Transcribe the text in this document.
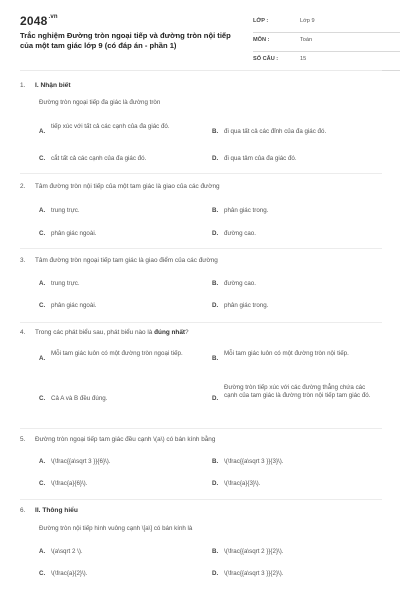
$2048^{.vn}$
Trắc nghiệm Đường tròn ngoại tiếp và đường tròn nội tiếp của một tam giác lớp 9 (có đáp án - phần 1)
LỚP :	Lớp 9
MÔN :	Toán
SỐ CÂU :	15
1. I. Nhận biết
Đường tròn ngoại tiếp đa giác là đường tròn
A.
tiếp xúc với tất cả các cạnh của đa giác đó.
B. đi qua tất cả các đỉnh của đa giác đó.
C. cắt tất cả các cạnh của đa giác đó.	D. đi qua tâm của đa giác đó.
2. Tâm đường tròn nội tiếp của một tam giác là giao của các đường
A. trung trực.	B. phân giác trong.
C. phân giác ngoài.	D. đường cao.
3. Tâm đường tròn ngoại tiếp tam giác là giao điểm của các đường
A. trung trực.	B. đường cao.
C. phân giác ngoài.	D. phân giác trong.
4. Trong các phát biểu sau, phát biểu nào là đúng nhất?
A.
Mỗi tam giác luôn có một đường tròn ngoại tiếp.
B.
Mỗi tam giác luôn có một đường tròn nội tiếp.
C. Cả A và B đều đúng.	D.
Đường tròn tiếp xúc với các đường thẳng chứa các cạnh của tam giác là đường tròn nội tiếp tam giác đó.
5. Đường tròn ngoại tiếp tam giác đều cạnh \(a\) có bán kính bằng
A. \(\frac{{a\sqrt 3 }}{6}\).	B. \(\frac{{a\sqrt 3 }}{3}\).
C. \(\frac{a}{6}\).	D. \(\frac{a}{3}\).
6. II. Thông hiểu
Đường tròn nội tiếp hình vuông cạnh \[a\] có bán kính là
A. \(a\sqrt 2 \).	B. \(\frac{{a\sqrt 2 }}{2}\).
C. \(\frac{a}{2}\).	D. \(\frac{{a\sqrt 3 }}{2}\).
